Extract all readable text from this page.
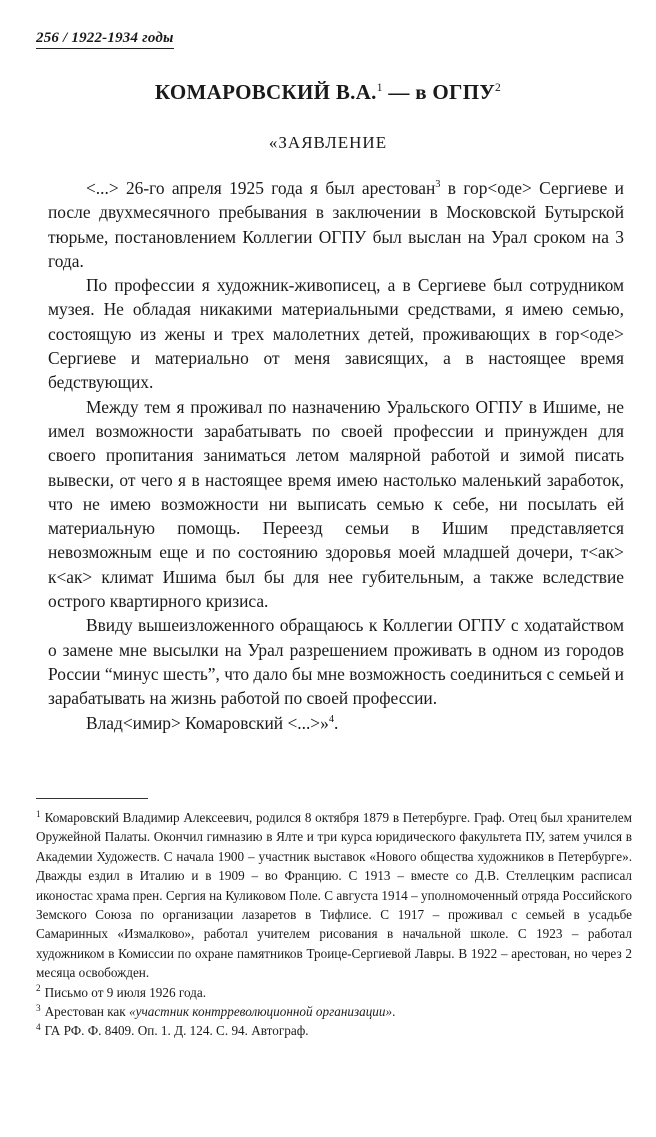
256 / 1922-1934 годы
КОМАРОВСКИЙ В.А.$^1$ — в ОГПУ$^2$
«ЗАЯВЛЕНИЕ

<...> 26-го апреля 1925 года я был арестован$^3$ в гор<оде> Сергиеве и после двухмесячного пребывания в заключении в Московской Бутырской тюрьме, постановлением Коллегии ОГПУ был выслан на Урал сроком на 3 года.

По профессии я художник-живописец, а в Сергиеве был сотрудником музея. Не обладая никакими материальными средствами, я имею семью, состоящую из жены и трех малолетних детей, проживающих в гор<оде> Сергиеве и материально от меня зависящих, а в настоящее время бедствующих.

Между тем я проживал по назначению Уральского ОГПУ в Ишиме, не имел возможности зарабатывать по своей профессии и принужден для своего пропитания заниматься летом малярной работой и зимой писать вывески, от чего я в настоящее время имею настолько маленький заработок, что не имею возможности ни выписать семью к себе, ни посылать ей материальную помощь. Переезд семьи в Ишим представляется невозможным еще и по состоянию здоровья моей младшей дочери, т<ак> к<ак> климат Ишима был бы для нее губительным, а также вследствие острого квартирного кризиса.

Ввиду вышеизложенного обращаюсь к Коллегии ОГПУ с ходатайством о замене мне высылки на Урал разрешением проживать в одном из городов России “минус шесть”, что дало бы мне возможность соединиться с семьей и зарабатывать на жизнь работой по своей профессии.

Влад<имир> Комаровский <...>»$^4$.

$^1$ Комаровский Владимир Алексеевич, родился 8 октября 1879 в Петербурге. Граф. Отец был хранителем Оружейной Палаты. Окончил гимназию в Ялте и три курса юридического факультета ПУ, затем учился в Академии Художеств. С начала 1900 – участник выставок «Нового общества художников в Петербурге». Дважды ездил в Италию и в 1909 – во Францию. С 1913 – вместе со Д.В. Стеллецким расписал иконостас храма прен. Сергия на Куликовом Поле. С августа 1914 – уполномоченный отряда Российского Земского Союза по организации лазаретов в Тифлисе. С 1917 – проживал с семьей в усадьбе Самаринных «Измалково», работал учителем рисования в начальной школе. С 1923 – работал художником в Комиссии по охране памятников Троице-Сергиевой Лавры. В 1922 – арестован, но через 2 месяца освобожден.

$^2$ Письмо от 9 июля 1926 года.

$^3$ Арестован как «участник контрреволюционной организации».

$^4$ ГА РФ. Ф. 8409. Оп. 1. Д. 124. С. 94. Автограф.
